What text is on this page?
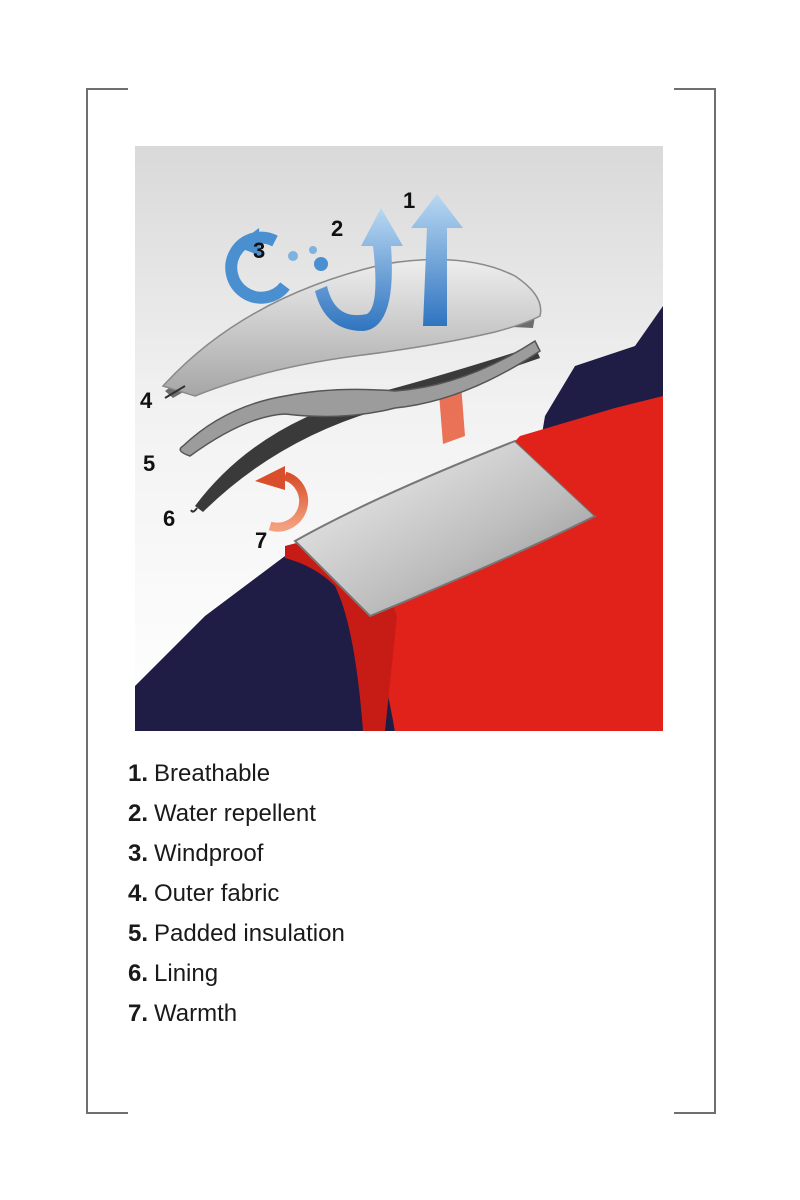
1
2
3
4
5
6
7
1. Breathable
2. Water repellent
3. Windproof
4. Outer fabric
5. Padded insulation
6. Lining
7. Warmth
